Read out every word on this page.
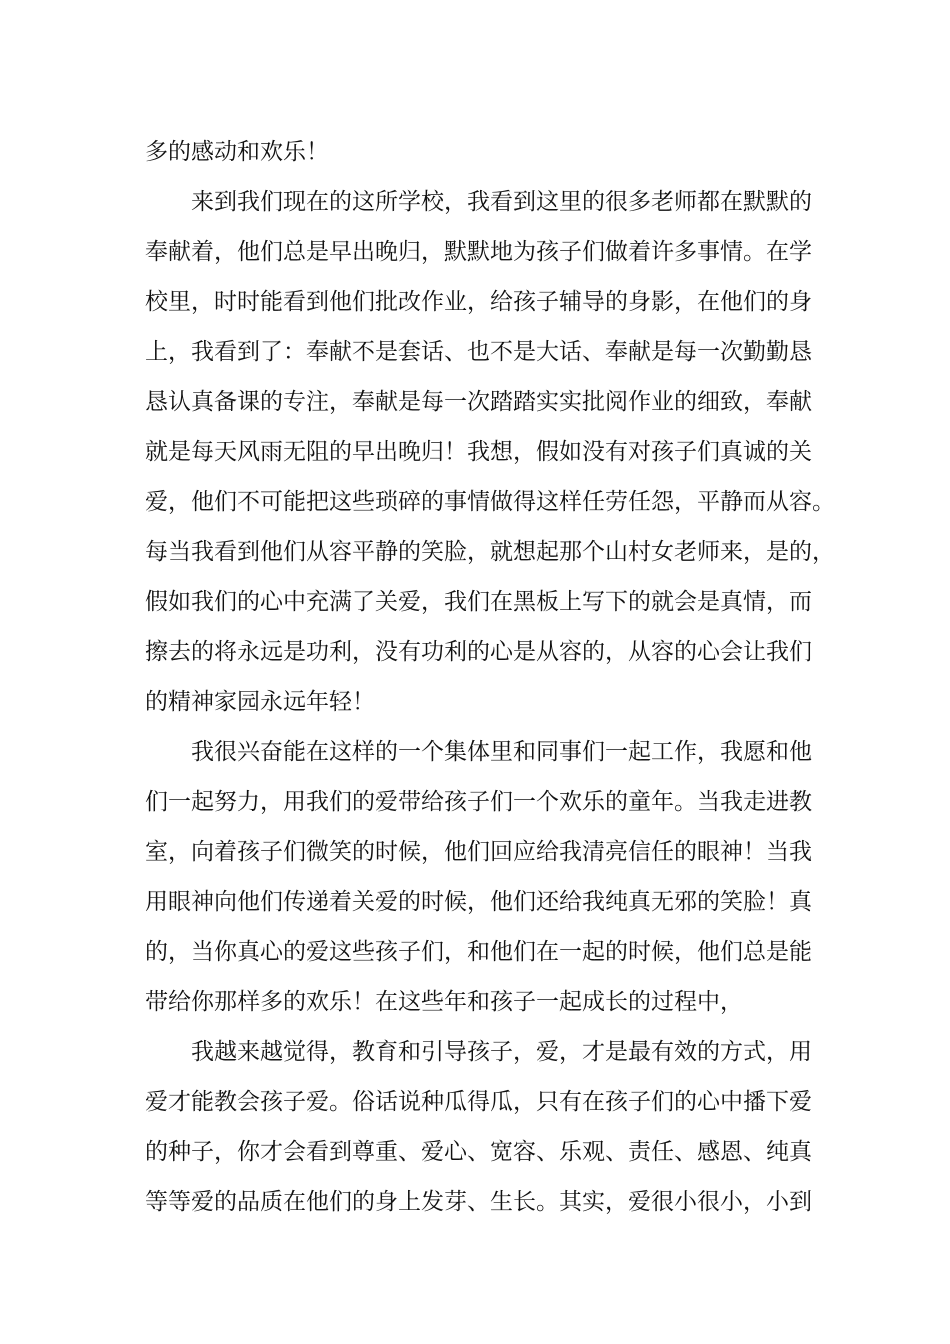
多的感动和欢乐！
来到我们现在的这所学校，我看到这里的很多老师都在默默的
奉献着，他们总是早出晚归，默默地为孩子们做着许多事情。在学
校里，时时能看到他们批改作业，给孩子辅导的身影，在他们的身
上，我看到了：奉献不是套话、也不是大话、奉献是每一次勤勤恳
恳认真备课的专注，奉献是每一次踏踏实实批阅作业的细致，奉献
就是每天风雨无阻的早出晚归！我想，假如没有对孩子们真诚的关
爱，他们不可能把这些琐碎的事情做得这样任劳任怨，平静而从容。
每当我看到他们从容平静的笑脸，就想起那个山村女老师来，是的，
假如我们的心中充满了关爱，我们在黑板上写下的就会是真情，而
擦去的将永远是功利，没有功利的心是从容的，从容的心会让我们
的精神家园永远年轻！
我很兴奋能在这样的一个集体里和同事们一起工作，我愿和他
们一起努力，用我们的爱带给孩子们一个欢乐的童年。当我走进教
室，向着孩子们微笑的时候，他们回应给我清亮信任的眼神！当我
用眼神向他们传递着关爱的时候，他们还给我纯真无邪的笑脸！真
的，当你真心的爱这些孩子们，和他们在一起的时候，他们总是能
带给你那样多的欢乐！在这些年和孩子一起成长的过程中，
我越来越觉得，教育和引导孩子，爱，才是最有效的方式，用
爱才能教会孩子爱。俗话说种瓜得瓜，只有在孩子们的心中播下爱
的种子，你才会看到尊重、爱心、宽容、乐观、责任、感恩、纯真
等等爱的品质在他们的身上发芽、生长。其实，爱很小很小，小到
